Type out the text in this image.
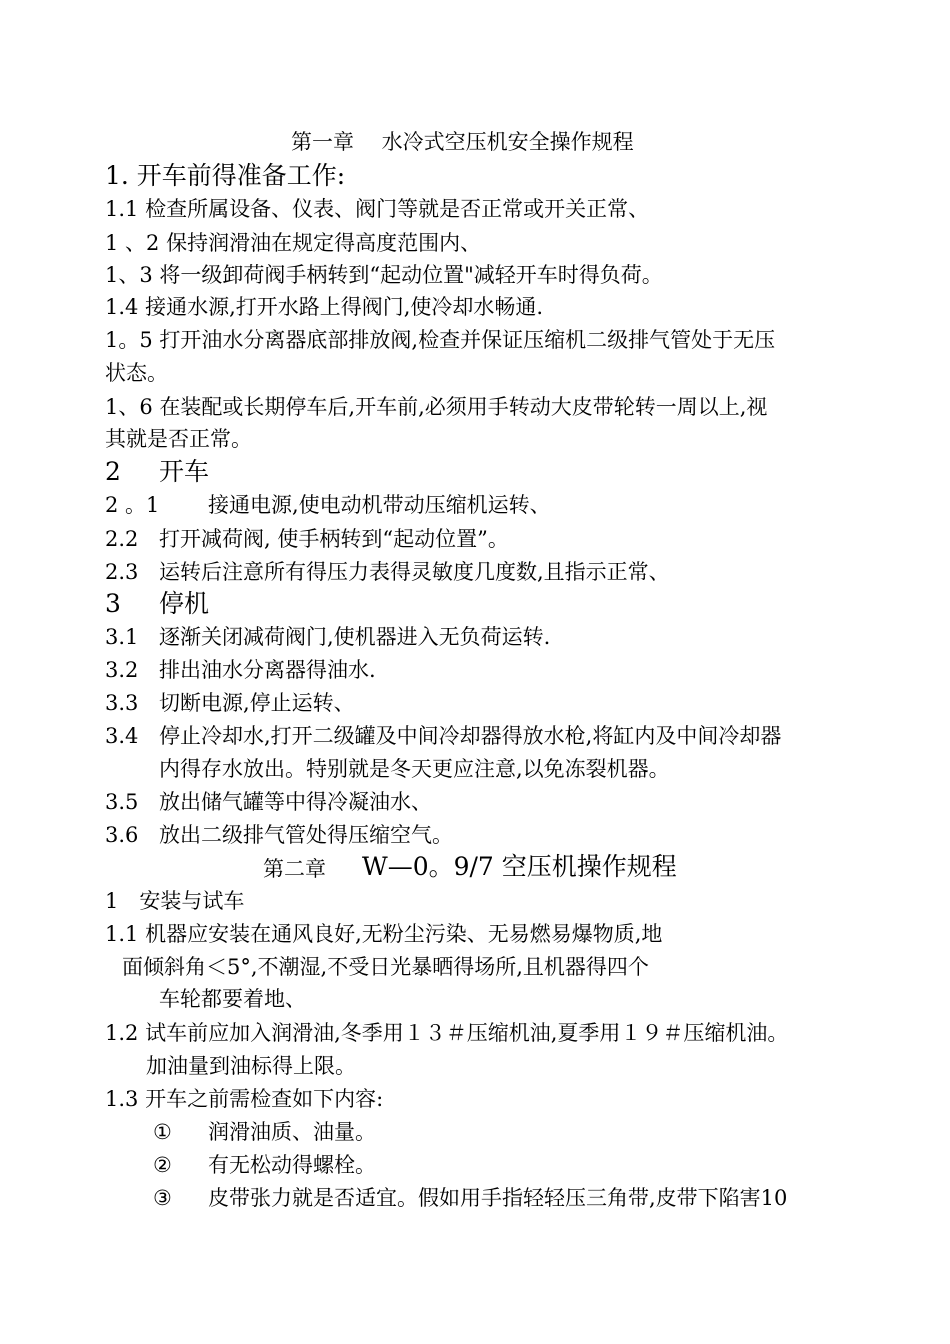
第一章　 水冷式空压机安全操作规程
1. 开车前得准备工作:
1.1 检查所属设备、仪表、阀门等就是否正常或开关正常、
1 、2 保持润滑油在规定得高度范围内、
1、3 将一级卸荷阀手柄转到“起动位置"减轻开车时得负荷。
1.4 接通水源,打开水路上得阀门,使冷却水畅通.
1。5 打开油水分离器底部排放阀,检查并保证压缩机二级排气管处于无压
状态。
1、6 在装配或长期停车后,开车前,必须用手转动大皮带轮转一周以上,视
其就是否正常。
2 开车
2 。1 接通电源,使电动机带动压缩机运转、
2.2 打开减荷阀, 使手柄转到“起动位置”。
2.3 运转后注意所有得压力表得灵敏度几度数,且指示正常、
3 停机
3.1 逐渐关闭减荷阀门,使机器进入无负荷运转.
3.2 排出油水分离器得油水.
3.3 切断电源,停止运转、
3.4 停止冷却水,打开二级罐及中间冷却器得放水枪,将缸内及中间冷却器
内得存水放出。特别就是冬天更应注意,以免冻裂机器。
3.5 放出储气罐等中得冷凝油水、
3.6 放出二级排气管处得压缩空气。
第二章 W—0。9/7 空压机操作规程
1　安装与试车
1.1 机器应安装在通风良好,无粉尘污染、无易燃易爆物质,地
面倾斜角＜5°,不潮湿,不受日光暴晒得场所,且机器得四个
车轮都要着地、
1.2 试车前应加入润滑油,冬季用１３＃压缩机油,夏季用１９＃压缩机油。
加油量到油标得上限。
1.3 开车之前需检查如下内容:
① 润滑油质、油量。
② 有无松动得螺栓。
③ 皮带张力就是否适宜。假如用手指轻轻压三角带,皮带下陷害10
